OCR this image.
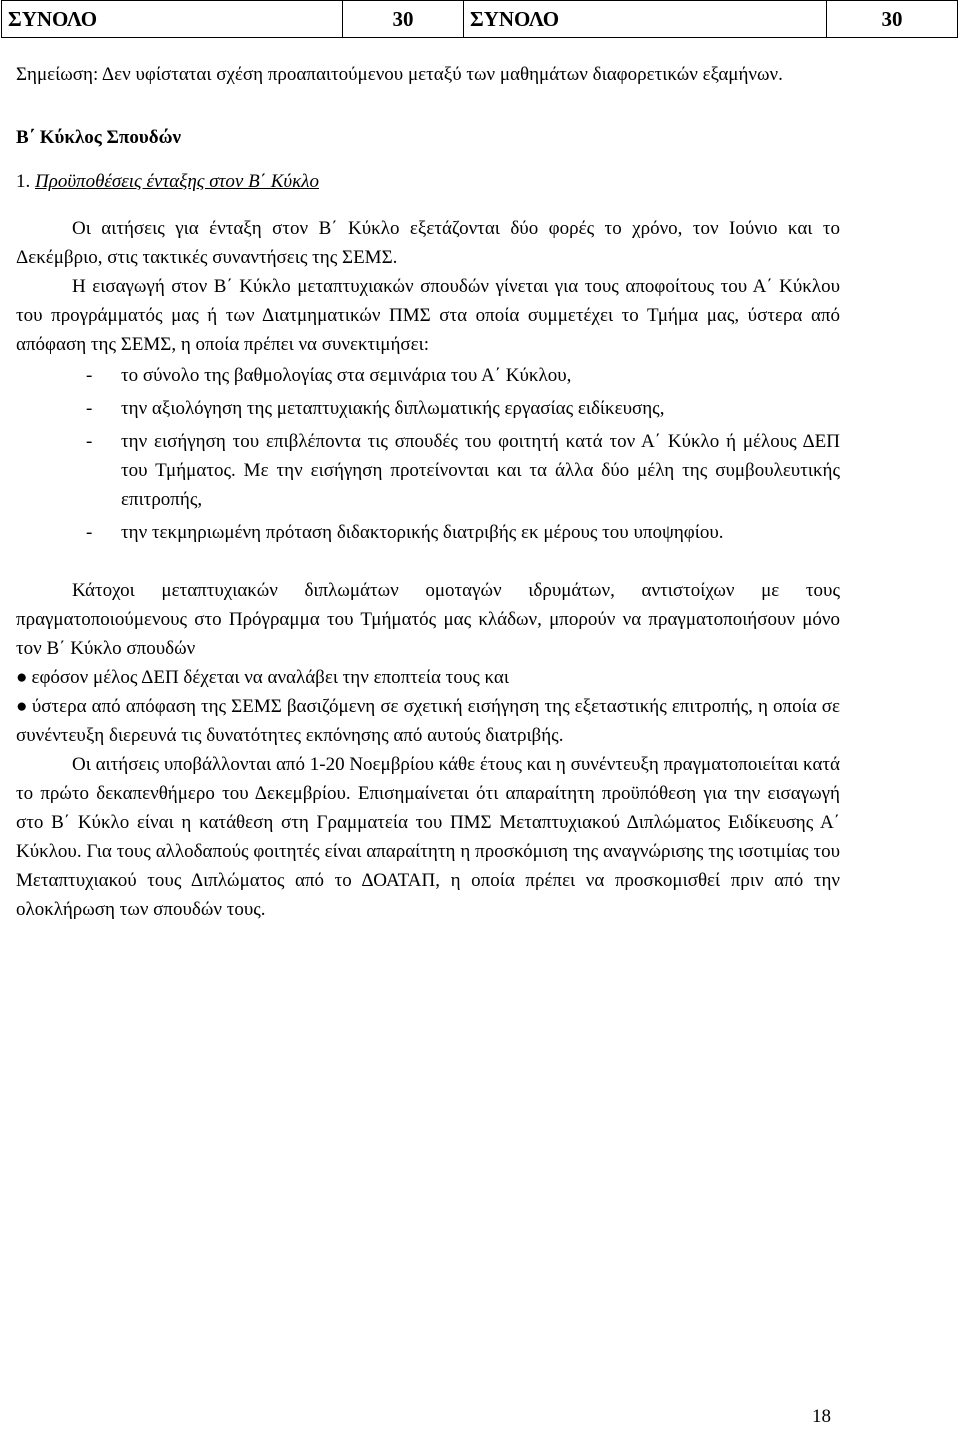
ΣΥΝΟΛΟ	30	ΣΥΝΟΛΟ	30

Σημείωση: Δεν υφίσταται σχέση προαπαιτούμενου μεταξύ των μαθημάτων διαφορετικών εξαμήνων.

Β΄ Κύκλος Σπουδών

1. Προϋποθέσεις ένταξης στον Β΄ Κύκλο

Οι αιτήσεις για ένταξη στον Β΄ Κύκλο εξετάζονται δύο φορές το χρόνο, τον Ιούνιο και το Δεκέμβριο, στις τακτικές συναντήσεις της ΣΕΜΣ.

Η εισαγωγή στον Β΄ Κύκλο μεταπτυχιακών σπουδών γίνεται για τους αποφοίτους του Α΄ Κύκλου του προγράμματός μας ή των Διατμηματικών ΠΜΣ στα οποία συμμετέχει το Τμήμα μας, ύστερα από απόφαση της ΣΕΜΣ, η οποία πρέπει να συνεκτιμήσει:

- το σύνολο της βαθμολογίας στα σεμινάρια του Α΄ Κύκλου,
- την αξιολόγηση της μεταπτυχιακής διπλωματικής εργασίας ειδίκευσης,
- την εισήγηση του επιβλέποντα τις σπουδές του φοιτητή κατά τον Α΄ Κύκλο ή μέλους ΔΕΠ του Τμήματος. Με την εισήγηση προτείνονται και τα άλλα δύο μέλη της συμβουλευτικής επιτροπής,
- την τεκμηριωμένη πρόταση διδακτορικής διατριβής εκ μέρους του υποψηφίου.

Κάτοχοι μεταπτυχιακών διπλωμάτων ομοταγών ιδρυμάτων, αντιστοίχων με τους πραγματοποιούμενους στο Πρόγραμμα του Τμήματός μας κλάδων, μπορούν να πραγματοποιήσουν μόνο τον Β΄ Κύκλο σπουδών

● εφόσον μέλος ΔΕΠ δέχεται να αναλάβει την εποπτεία τους και

● ύστερα από απόφαση της ΣΕΜΣ βασιζόμενη σε σχετική εισήγηση της εξεταστικής επιτροπής, η οποία σε συνέντευξη διερευνά τις δυνατότητες εκπόνησης από αυτούς διατριβής.

Οι αιτήσεις υποβάλλονται από 1-20 Νοεμβρίου κάθε έτους και η συνέντευξη πραγματοποιείται κατά το πρώτο δεκαπενθήμερο του Δεκεμβρίου. Επισημαίνεται ότι απαραίτητη προϋπόθεση για την εισαγωγή στο Β΄ Κύκλο είναι η κατάθεση στη Γραμματεία του ΠΜΣ Μεταπτυχιακού Διπλώματος Ειδίκευσης Α΄ Κύκλου. Για τους αλλοδαπούς φοιτητές είναι απαραίτητη η προσκόμιση της αναγνώρισης της ισοτιμίας του Μεταπτυχιακού τους Διπλώματος από το ΔΟΑΤΑΠ, η οποία πρέπει να προσκομισθεί πριν από την ολοκλήρωση των σπουδών τους.

18
